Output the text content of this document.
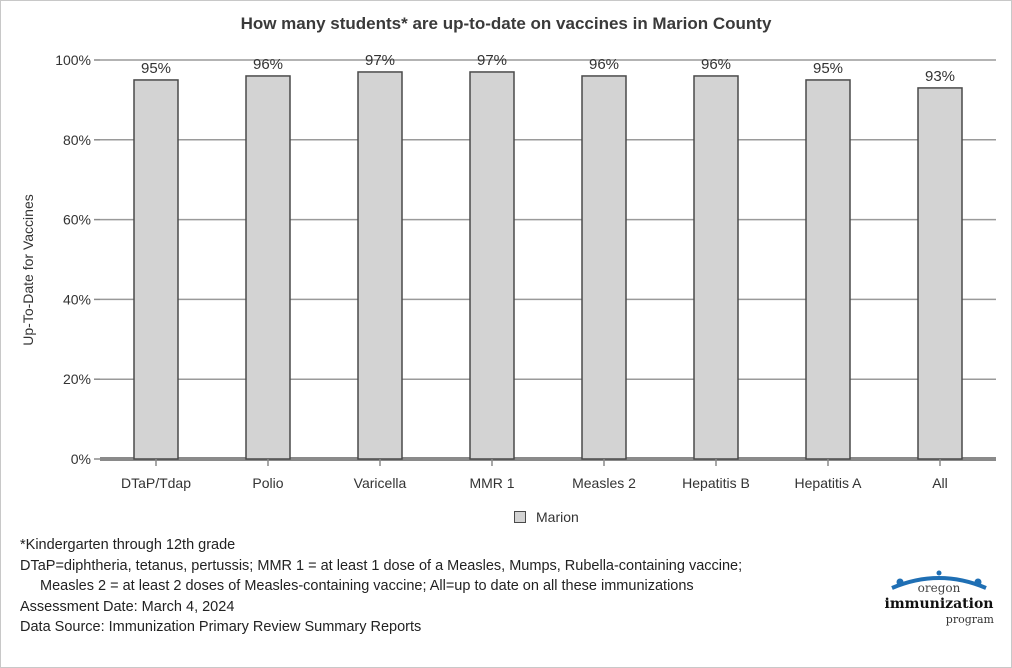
How many students* are up-to-date on vaccines in Marion County
Up-To-Date for Vaccines
0%
20%
40%
60%
80%
100%
DTaP/Tdap	Polio	Varicella	MMR 1	Measles 2	Hepatitis B	Hepatitis A	All
95%	96%	97%	97%	96%	96%	95%	93%
Marion
*Kindergarten through 12th grade
DTaP=diphtheria, tetanus, pertussis; MMR 1 = at least 1 dose of a Measles, Mumps, Rubella-containing vaccine;
Measles 2 = at least 2 doses of Measles-containing vaccine; All=up to date on all these immunizations
Assessment Date: March 4, 2024
Data Source: Immunization Primary Review Summary Reports
oregon
immunization
program
